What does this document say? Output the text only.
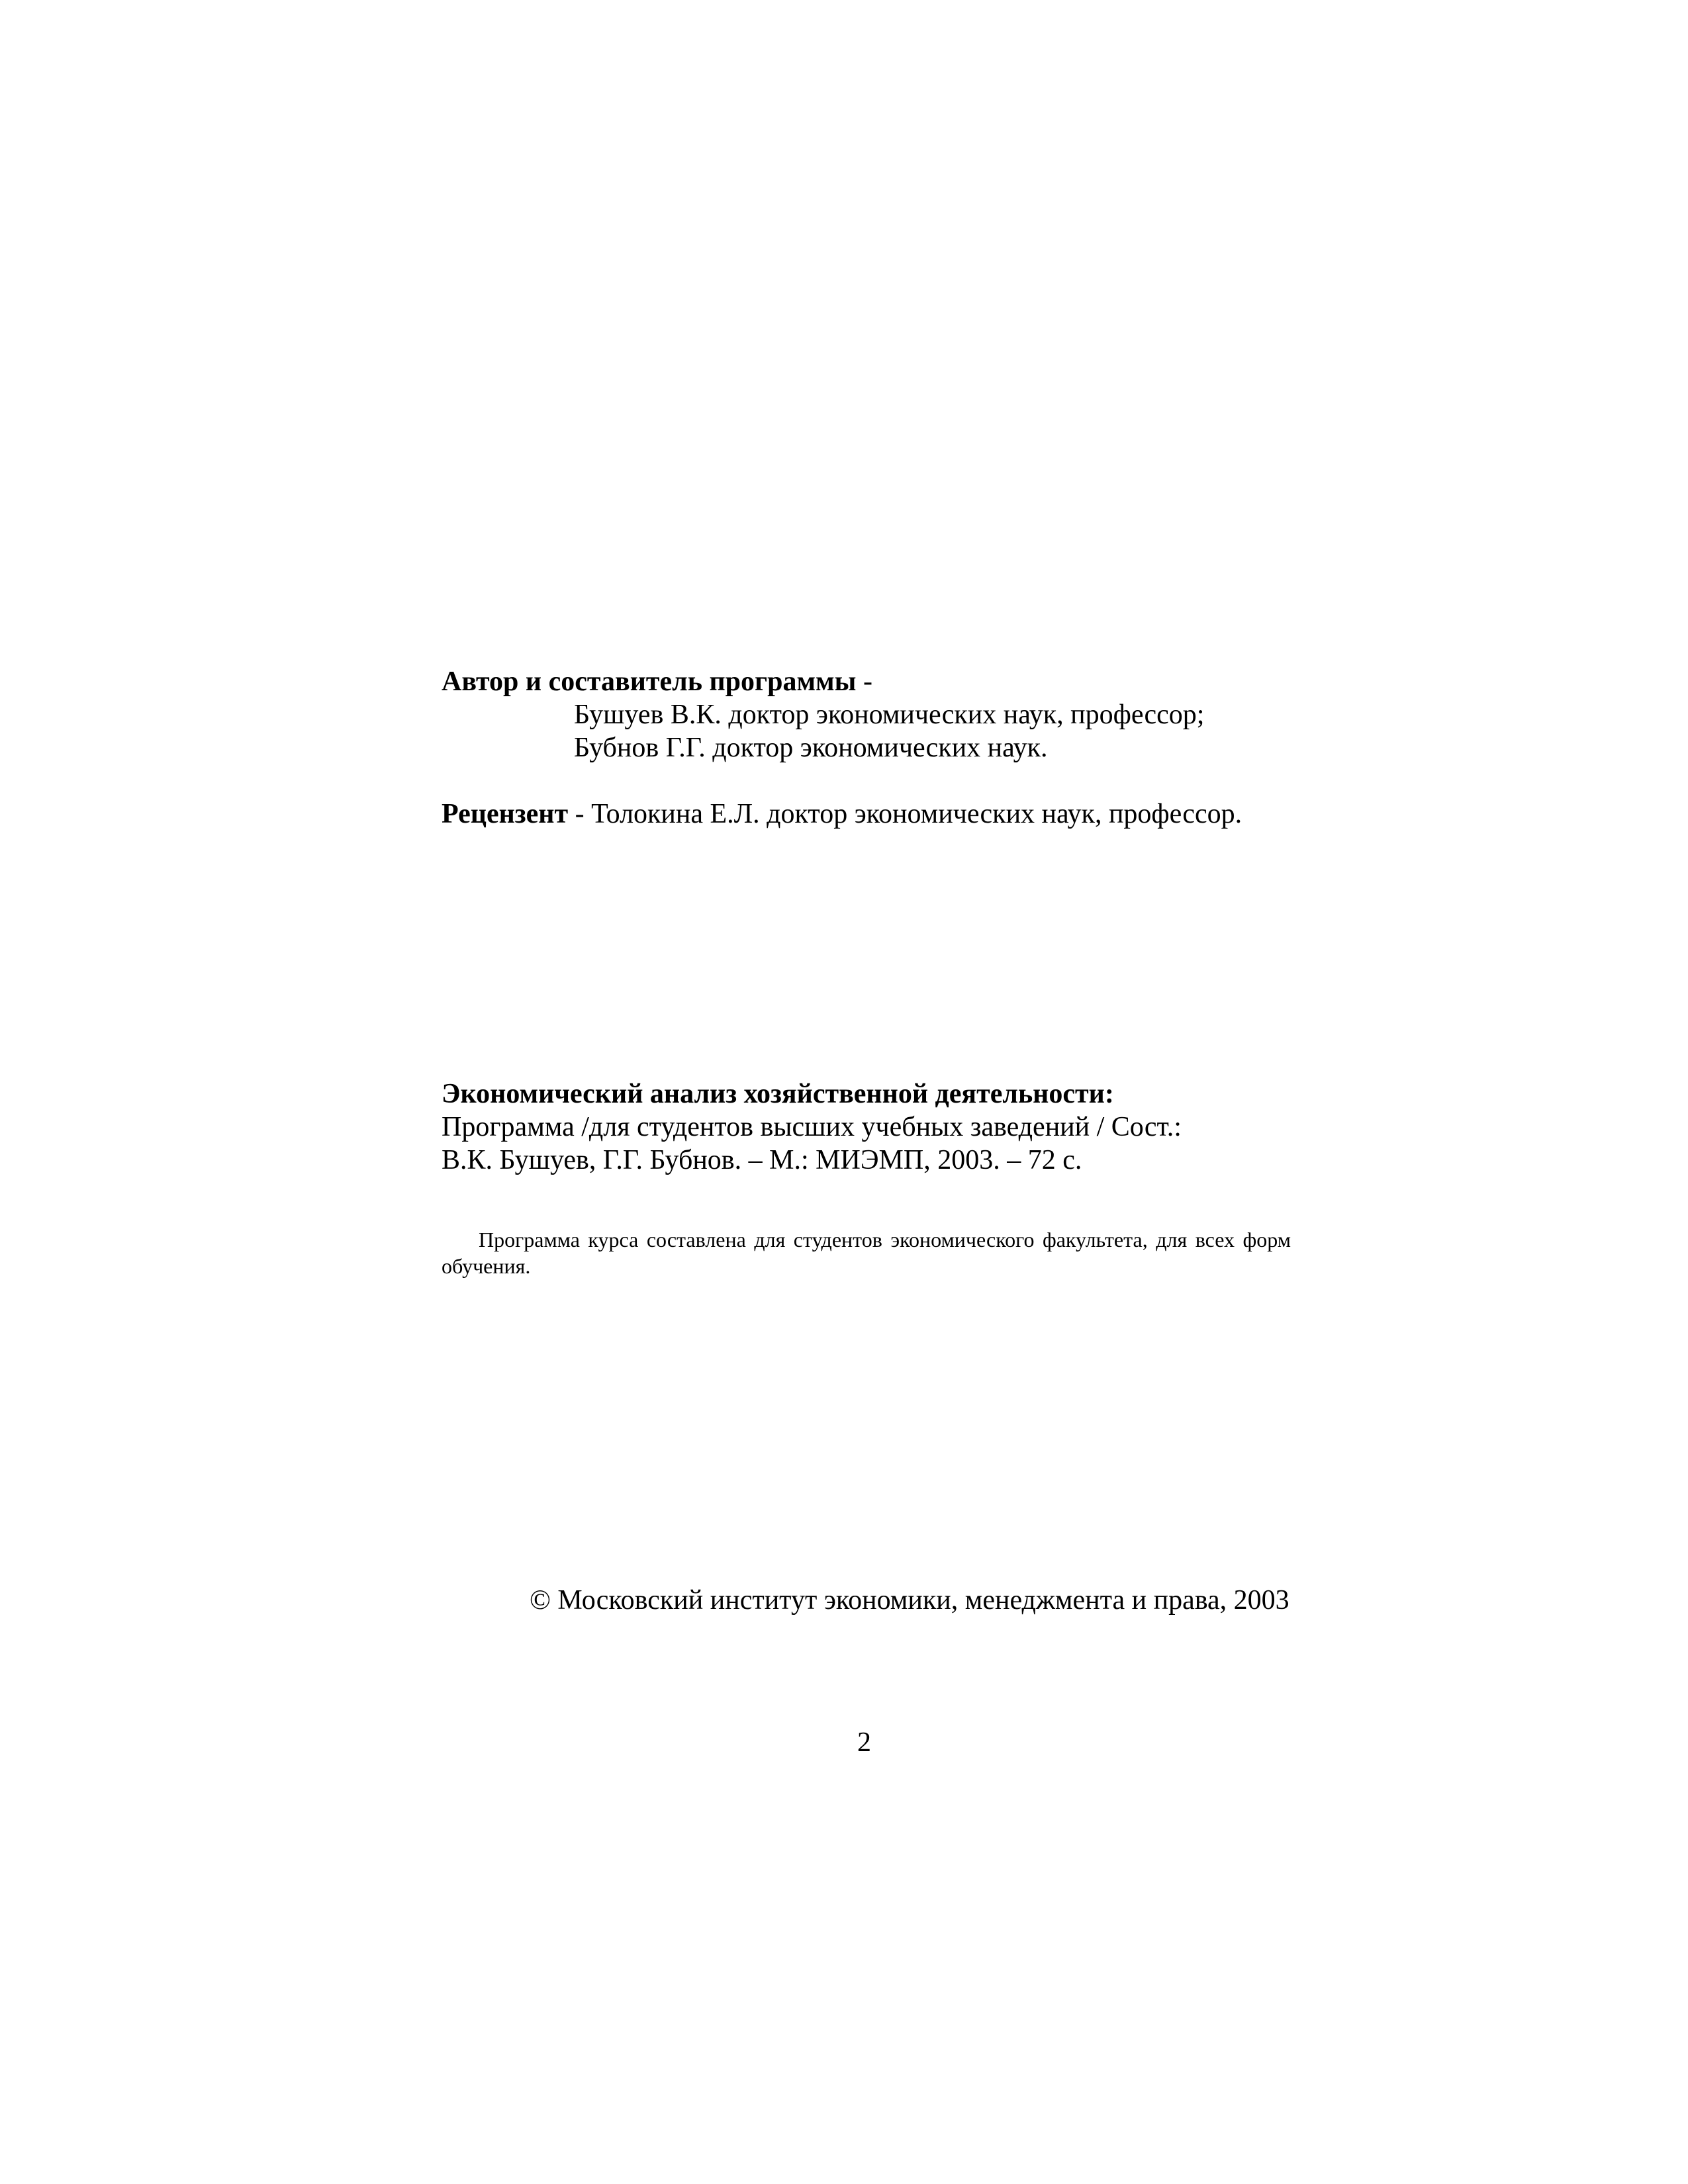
Автор и составитель программы -
Бушуев В.К. доктор экономических наук, профессор;
Бубнов Г.Г. доктор экономических наук.
Рецензент - Толокина Е.Л. доктор экономических наук, профессор.
Экономический анализ хозяйственной деятельности:
Программа /для студентов высших учебных заведений / Сост.:
В.К. Бушуев, Г.Г. Бубнов. – М.: МИЭМП, 2003. – 72 с.
Программа курса составлена для студентов экономического факультета, для всех форм обучения.
© Московский институт экономики, менеджмента и права, 2003
2
